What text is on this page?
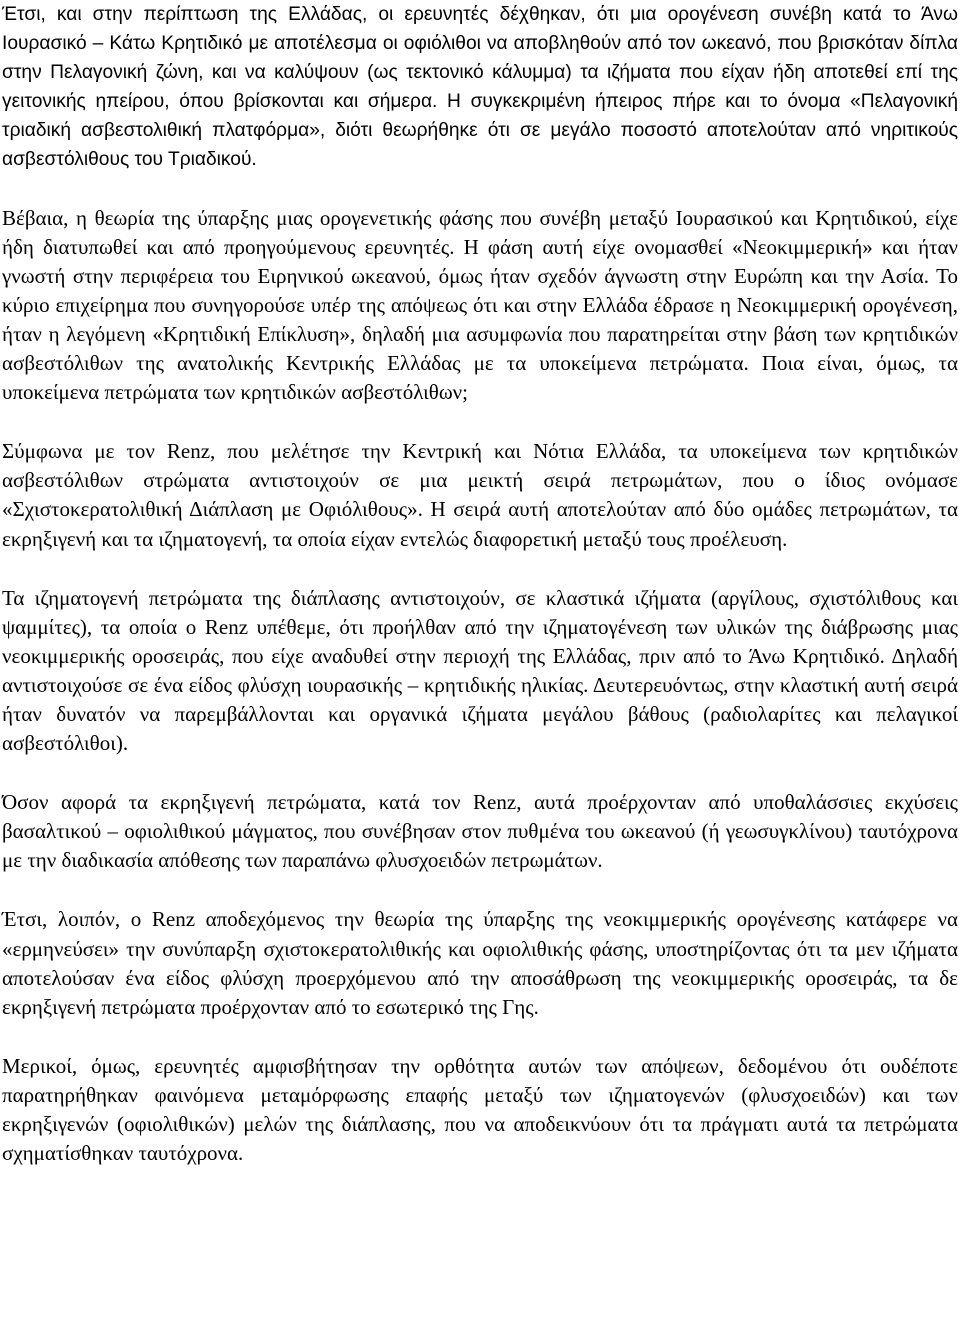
Έτσι, και στην περίπτωση της Ελλάδας, οι ερευνητές δέχθηκαν, ότι μια ορογένεση συνέβη κατά το Άνω Ιουρασικό – Κάτω Κρητιδικό με αποτέλεσμα οι οφιόλιθοι να αποβληθούν από τον ωκεανό, που βρισκόταν δίπλα στην Πελαγονική ζώνη, και να καλύψουν (ως τεκτονικό κάλυμμα) τα ιζήματα που είχαν ήδη αποτεθεί επί της γειτονικής ηπείρου, όπου βρίσκονται και σήμερα. Η συγκεκριμένη ήπειρος πήρε και το όνομα «Πελαγονική τριαδική ασβεστολιθική πλατφόρμα», διότι θεωρήθηκε ότι σε μεγάλο ποσοστό αποτελούταν από νηριτικούς ασβεστόλιθους του Τριαδικού.

Βέβαια, η θεωρία της ύπαρξης μιας ορογενετικής φάσης που συνέβη μεταξύ Ιουρασικού και Κρητιδικού, είχε ήδη διατυπωθεί και από προηγούμενους ερευνητές. Η φάση αυτή είχε ονομασθεί «Νεοκιμμερική» και ήταν γνωστή στην περιφέρεια του Ειρηνικού ωκεανού, όμως ήταν σχεδόν άγνωστη στην Ευρώπη και την Ασία. Το κύριο επιχείρημα που συνηγορούσε υπέρ της απόψεως ότι και στην Ελλάδα έδρασε η Νεοκιμμερική ορογένεση, ήταν η λεγόμενη «Κρητιδική Επίκλυση», δηλαδή μια ασυμφωνία που παρατηρείται στην βάση των κρητιδικών ασβεστόλιθων της ανατολικής Κεντρικής Ελλάδας με τα υποκείμενα πετρώματα. Ποια είναι, όμως, τα υποκείμενα πετρώματα των κρητιδικών ασβεστόλιθων;

Σύμφωνα με τον Renz, που μελέτησε την Κεντρική και Νότια Ελλάδα, τα υποκείμενα των κρητιδικών ασβεστόλιθων στρώματα αντιστοιχούν σε μια μεικτή σειρά πετρωμάτων, που ο ίδιος ονόμασε «Σχιστοκερατολιθική Διάπλαση με Οφιόλιθους». Η σειρά αυτή αποτελούταν από δύο ομάδες πετρωμάτων, τα εκρηξιγενή και τα ιζηματογενή, τα οποία είχαν εντελώς διαφορετική μεταξύ τους προέλευση.

Τα ιζηματογενή πετρώματα της διάπλασης αντιστοιχούν, σε κλαστικά ιζήματα (αργίλους, σχιστόλιθους και ψαμμίτες), τα οποία ο Renz υπέθεμε, ότι προήλθαν από την ιζηματογένεση των υλικών της διάβρωσης μιας νεοκιμμερικής οροσειράς, που είχε αναδυθεί στην περιοχή της Ελλάδας, πριν από το Άνω Κρητιδικό. Δηλαδή αντιστοιχούσε σε ένα είδος φλύσχη ιουρασικής – κρητιδικής ηλικίας. Δευτερευόντως, στην κλαστική αυτή σειρά ήταν δυνατόν να παρεμβάλλονται και οργανικά ιζήματα μεγάλου βάθους (ραδιολαρίτες και πελαγικοί ασβεστόλιθοι).

Όσον αφορά τα εκρηξιγενή πετρώματα, κατά τον Renz, αυτά προέρχονταν από υποθαλάσσιες εκχύσεις βασαλτικού – οφιολιθικού μάγματος, που συνέβησαν στον πυθμένα του ωκεανού (ή γεωσυγκλίνου) ταυτόχρονα με την διαδικασία απόθεσης των παραπάνω φλυσχοειδών πετρωμάτων.

Έτσι, λοιπόν, ο Renz αποδεχόμενος την θεωρία της ύπαρξης της νεοκιμμερικής ορογένεσης κατάφερε να «ερμηνεύσει» την συνύπαρξη σχιστοκερατολιθικής και οφιολιθικής φάσης, υποστηρίζοντας ότι τα μεν ιζήματα αποτελούσαν ένα είδος φλύσχη προερχόμενου από την αποσάθρωση της νεοκιμμερικής οροσειράς, τα δε εκρηξιγενή πετρώματα προέρχονταν από το εσωτερικό της Γης.

Μερικοί, όμως, ερευνητές αμφισβήτησαν την ορθότητα αυτών των απόψεων, δεδομένου ότι ουδέποτε παρατηρήθηκαν φαινόμενα μεταμόρφωσης επαφής μεταξύ των ιζηματογενών (φλυσχοειδών) και των εκρηξιγενών (οφιολιθικών) μελών της διάπλασης, που να αποδεικνύουν ότι τα πράγματι αυτά τα πετρώματα σχηματίσθηκαν ταυτόχρονα.
